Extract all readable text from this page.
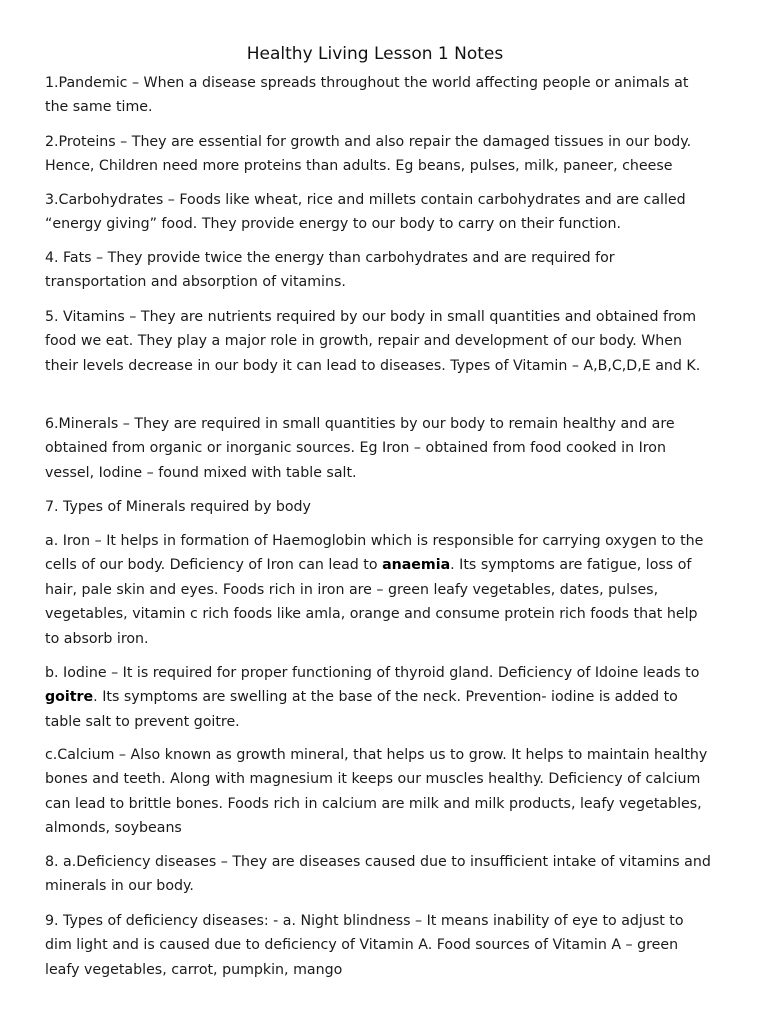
Healthy Living Lesson 1 Notes

1.Pandemic – When a disease spreads throughout the world affecting people or animals at the same time.

2.Proteins – They are essential for growth and also repair the damaged tissues in our body. Hence, Children need more proteins than adults. Eg beans, pulses, milk, paneer, cheese

3.Carbohydrates – Foods like wheat, rice and millets contain carbohydrates and are called “energy giving” food. They provide energy to our body to carry on their function.

4. Fats – They provide twice the energy than carbohydrates and are required for transportation and absorption of vitamins.

5. Vitamins – They are nutrients required by our body in small quantities and obtained from food we eat. They play a major role in growth, repair and development of our body. When their levels decrease in our body it can lead to diseases. Types of Vitamin – A,B,C,D,E and K.

6.Minerals – They are required in small quantities by our body to remain healthy and are obtained from organic or inorganic sources. Eg Iron – obtained from food cooked in Iron vessel, Iodine – found mixed with table salt.

7. Types of Minerals required by body

a. Iron – It helps in formation of Haemoglobin which is responsible for carrying oxygen to the cells of our body. Deficiency of Iron can lead to anaemia. Its symptoms are fatigue, loss of hair, pale skin and eyes. Foods rich in iron are – green leafy vegetables, dates, pulses, vegetables, vitamin c rich foods like amla, orange and consume protein rich foods that help to absorb iron.

b. Iodine – It is required for proper functioning of thyroid gland. Deficiency of Idoine leads to goitre. Its symptoms are swelling at the base of the neck. Prevention- iodine is added to table salt to prevent goitre.

c.Calcium – Also known as growth mineral, that helps us to grow. It helps to maintain healthy bones and teeth. Along with magnesium it keeps our muscles healthy. Deficiency of calcium can lead to brittle bones. Foods rich in calcium are milk and milk products, leafy vegetables, almonds, soybeans

8. a.Deficiency diseases – They are diseases caused due to insufficient intake of vitamins and minerals in our body.

9. Types of deficiency diseases: - a. Night blindness – It means inability of eye to adjust to dim light and is caused due to deficiency of Vitamin A. Food sources of Vitamin A – green leafy vegetables, carrot, pumpkin, mango
